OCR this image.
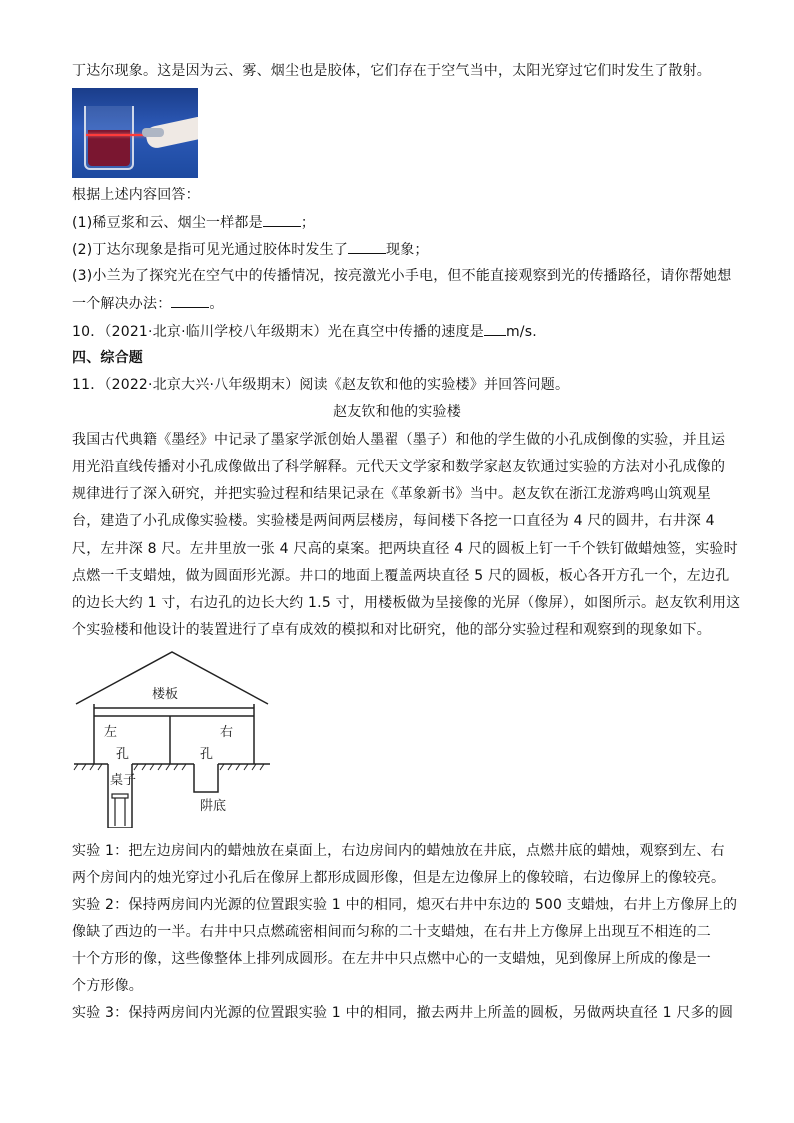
丁达尔现象。这是因为云、雾、烟尘也是胶体，它们存在于空气当中，太阳光穿过它们时发生了散射。
根据上述内容回答：
(1)稀豆浆和云、烟尘一样都是	；
(2)丁达尔现象是指可见光通过胶体时发生了	现象；
(3)小兰为了探究光在空气中的传播情况，按亮激光小手电，但不能直接观察到光的传播路径，请你帮她想
一个解决办法：	。
10．（2021·北京·临川学校八年级期末）光在真空中传播的速度是 m/s.
四、综合题
11．（2022·北京大兴·八年级期末）阅读《赵友钦和他的实验楼》并回答问题。
赵友钦和他的实验楼
我国古代典籍《墨经》中记录了墨家学派创始人墨翟（墨子）和他的学生做的小孔成倒像的实验，并且运
用光沿直线传播对小孔成像做出了科学解释。元代天文学家和数学家赵友钦通过实验的方法对小孔成像的
规律进行了深入研究，并把实验过程和结果记录在《革象新书》当中。赵友钦在浙江龙游鸡鸣山筑观星
台，建造了小孔成像实验楼。实验楼是两间两层楼房，每间楼下各挖一口直径为 4 尺的圆井，右井深 4
尺，左井深 8 尺。左井里放一张 4 尺高的桌案。把两块直径 4 尺的圆板上钉一千个铁钉做蜡烛签，实验时
点燃一千支蜡烛，做为圆面形光源。井口的地面上覆盖两块直径 5 尺的圆板，板心各开方孔一个，左边孔
的边长大约 1 寸，右边孔的边长大约 1.5 寸，用楼板做为呈接像的光屏（像屏），如图所示。赵友钦利用这
个实验楼和他设计的装置进行了卓有成效的模拟和对比研究，他的部分实验过程和观察到的现象如下。
楼板
左	右
孔	孔
桌子
阱底
实验 1：把左边房间内的蜡烛放在桌面上，右边房间内的蜡烛放在井底，点燃井底的蜡烛，观察到左、右
两个房间内的烛光穿过小孔后在像屏上都形成圆形像，但是左边像屏上的像较暗，右边像屏上的像较亮。
实验 2：保持两房间内光源的位置跟实验 1 中的相同，熄灭右井中东边的 500 支蜡烛，右井上方像屏上的
像缺了西边的一半。右井中只点燃疏密相间而匀称的二十支蜡烛，在右井上方像屏上出现互不相连的二
十个方形的像，这些像整体上排列成圆形。在左井中只点燃中心的一支蜡烛，见到像屏上所成的像是一
个方形像。
实验 3：保持两房间内光源的位置跟实验 1 中的相同，撤去两井上所盖的圆板，另做两块直径 1 尺多的圆
